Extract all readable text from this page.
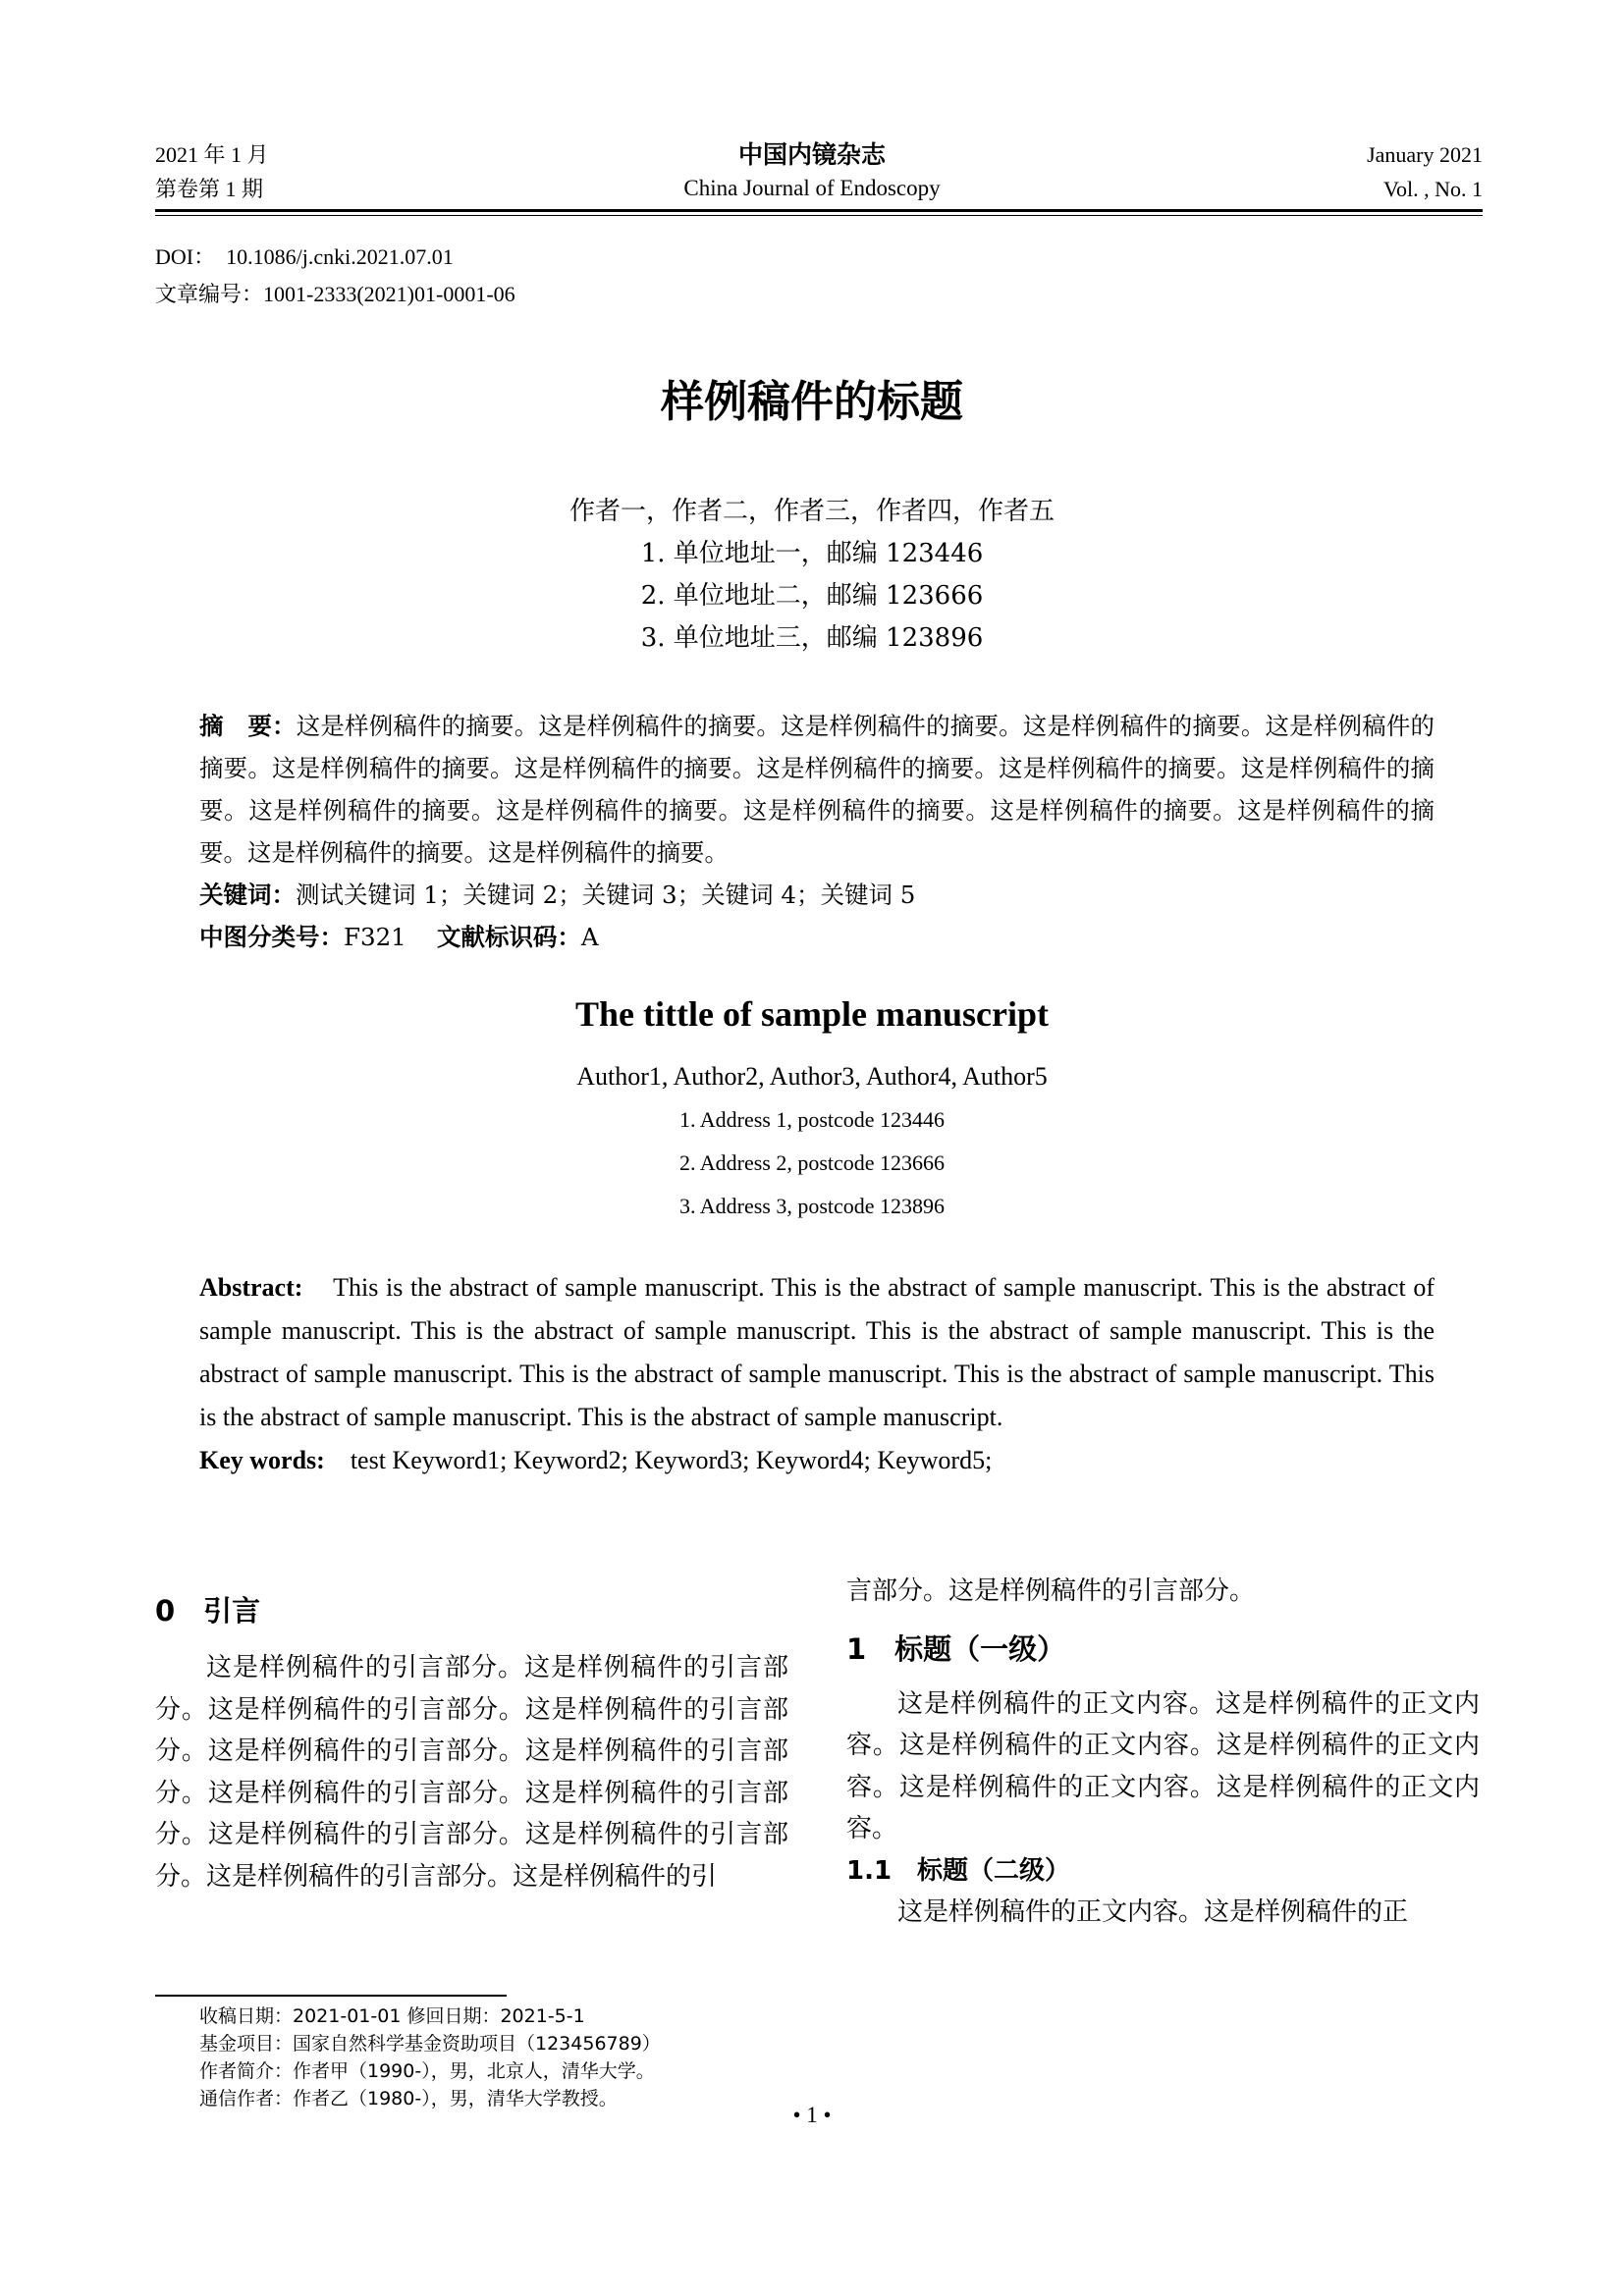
2021 年 1 月
第卷第 1 期
中国内镜杂志
China Journal of Endoscopy
January 2021
Vol. , No. 1
DOI： 10.1086/j.cnki.2021.07.01
文章编号：1001-2333(2021)01-0001-06
样例稿件的标题
作者一，作者二，作者三，作者四，作者五
1. 单位地址一，邮编 123446
2. 单位地址二，邮编 123666
3. 单位地址三，邮编 123896
摘　要：这是样例稿件的摘要。这是样例稿件的摘要。这是样例稿件的摘要。这是样例稿件的摘要。这是样例稿件的摘要。这是样例稿件的摘要。这是样例稿件的摘要。这是样例稿件的摘要。这是样例稿件的摘要。这是样例稿件的摘要。这是样例稿件的摘要。这是样例稿件的摘要。这是样例稿件的摘要。这是样例稿件的摘要。这是样例稿件的摘要。这是样例稿件的摘要。这是样例稿件的摘要。
关键词：测试关键词 1；关键词 2；关键词 3；关键词 4；关键词 5
中图分类号：F321 文献标识码：A
The tittle of sample manuscript
Author1, Author2, Author3, Author4, Author5
1. Address 1, postcode 123446
2. Address 2, postcode 123666
3. Address 3, postcode 123896
Abstract: This is the abstract of sample manuscript. This is the abstract of sample manuscript. This is the abstract of sample manuscript. This is the abstract of sample manuscript. This is the abstract of sample manuscript. This is the abstract of sample manuscript. This is the abstract of sample manuscript. This is the abstract of sample manuscript. This is the abstract of sample manuscript. This is the abstract of sample manuscript.
Key words: test Keyword1; Keyword2; Keyword3; Keyword4; Keyword5;
0　引言

这是样例稿件的引言部分。这是样例稿件的引言部分。这是样例稿件的引言部分。这是样例稿件的引言部分。这是样例稿件的引言部分。这是样例稿件的引言部分。这是样例稿件的引言部分。这是样例稿件的引言部分。这是样例稿件的引言部分。这是样例稿件的引言部分。这是样例稿件的引言部分。这是样例稿件的引

言部分。这是样例稿件的引言部分。
1　标题（一级）

这是样例稿件的正文内容。这是样例稿件的正文内容。这是样例稿件的正文内容。这是样例稿件的正文内容。这是样例稿件的正文内容。这是样例稿件的正文内容。

1.1　标题（二级）

这是样例稿件的正文内容。这是样例稿件的正

收稿日期：2021-01-01 修回日期：2021-5-1
基金项目：国家自然科学基金资助项目（123456789）
作者简介：作者甲（1990-），男，北京人，清华大学。
通信作者：作者乙（1980-），男，清华大学教授。
• 1 •
